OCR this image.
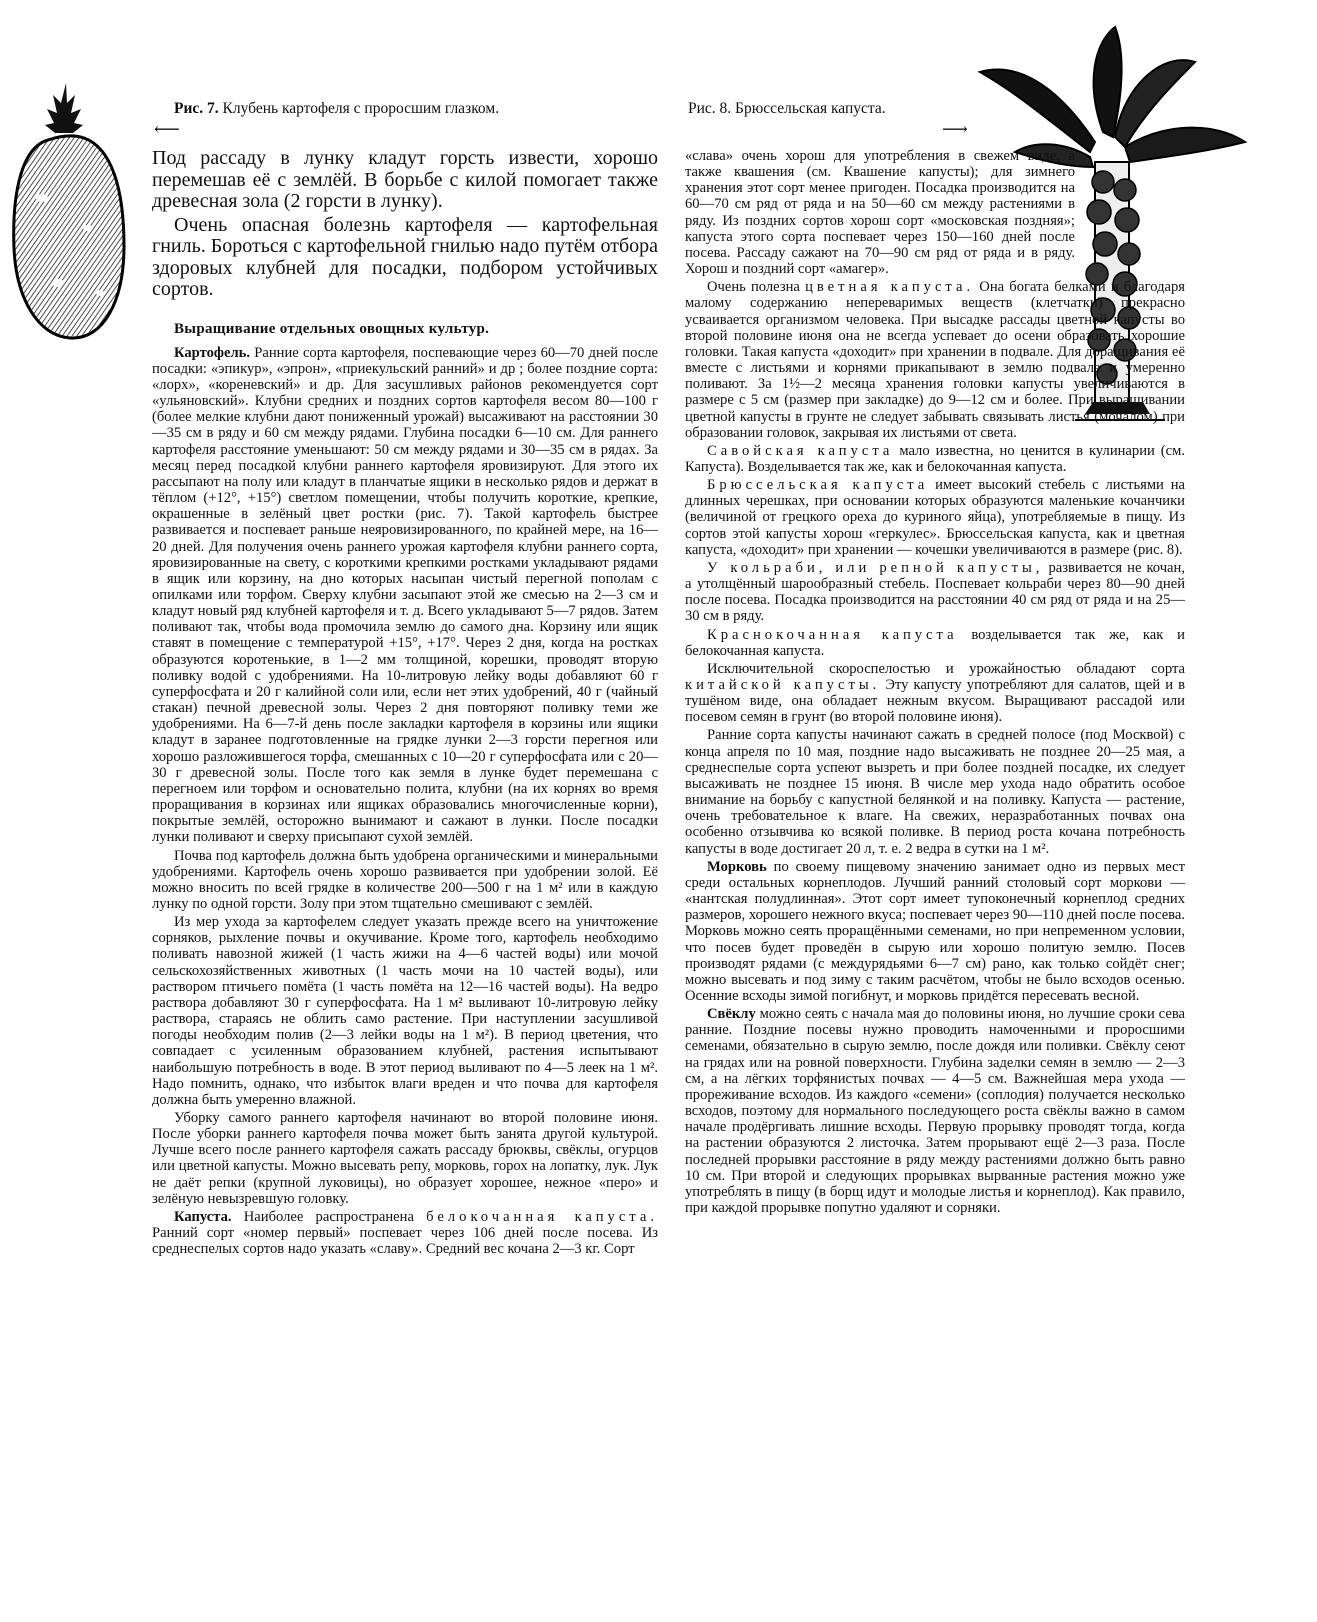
Рис. 7. Клубень картофеля с проросшим глазком.
⟵
Рис. 8. Брюссельская капуста.
⟶

Под рассаду в лунку кладут горсть извести, хорошо перемешав её с землёй. В борьбе с килой помогает также древесная зола (2 горсти в лунку).

Очень опасная болезнь картофеля — картофельная гниль. Бороться с картофельной гнилью надо путём отбора здоровых клубней для посадки, подбором устойчивых сортов.

Выращивание отдельных овощных культур.

Картофель. Ранние сорта картофеля, поспевающие через 60—70 дней после посадки: «эпикур», «эпрон», «приекульский ранний» и др ; более поздние сорта: «лорх», «кореневский» и др. Для засушливых районов рекомендуется сорт «ульяновский». Клубни средних и поздних сортов картофеля весом 80—100 г (более мелкие клубни дают пониженный урожай) высаживают на расстоянии 30—35 см в ряду и 60 см между рядами. Глубина посадки 6—10 см. Для раннего картофеля расстояние уменьшают: 50 см между рядами и 30—35 см в рядах. За месяц перед посадкой клубни раннего картофеля яровизируют. Для этого их рассыпают на полу или кладут в планчатые ящики в несколько рядов и держат в тёплом (+12°, +15°) светлом помещении, чтобы получить короткие, крепкие, окрашенные в зелёный цвет ростки (рис. 7). Такой картофель быстрее развивается и поспевает раньше неяровизированного, по крайней мере, на 16—20 дней. Для получения очень раннего урожая картофеля клубни раннего сорта, яровизированные на свету, с короткими крепкими ростками укладывают рядами в ящик или корзину, на дно которых насыпан чистый перегной пополам с опилками или торфом. Сверху клубни засыпают этой же смесью на 2—3 см и кладут новый ряд клубней картофеля и т. д. Всего укладывают 5—7 рядов. Затем поливают так, чтобы вода промочила землю до самого дна. Корзину или ящик ставят в помещение с температурой +15°, +17°. Через 2 дня, когда на ростках образуются коротенькие, в 1—2 мм толщиной, корешки, проводят вторую поливку водой с удобрениями. На 10-литровую лейку воды добавляют 60 г суперфосфата и 20 г калийной соли или, если нет этих удобрений, 40 г (чайный стакан) печной древесной золы. Через 2 дня повторяют поливку теми же удобрениями. На 6—7-й день после закладки картофеля в корзины или ящики кладут в заранее подготовленные на грядке лунки 2—3 горсти перегноя или хорошо разложившегося торфа, смешанных с 10—20 г суперфосфата или с 20—30 г древесной золы. После того как земля в лунке будет перемешана с перегноем или торфом и основательно полита, клубни (на их корнях во время проращивания в корзинах или ящиках образовались многочисленные корни), покрытые землёй, осторожно вынимают и сажают в лунки. После посадки лунки поливают и сверху присыпают сухой землёй.

Почва под картофель должна быть удобрена органическими и минеральными удобрениями. Картофель очень хорошо развивается при удобрении золой. Её можно вносить по всей грядке в количестве 200—500 г на 1 м² или в каждую лунку по одной горсти. Золу при этом тщательно смешивают с землёй.

Из мер ухода за картофелем следует указать прежде всего на уничтожение сорняков, рыхление почвы и окучивание. Кроме того, картофель необходимо поливать навозной жижей (1 часть жижи на 4—6 частей воды) или мочой сельскохозяйственных животных (1 часть мочи на 10 частей воды), или раствором птичьего помёта (1 часть помёта на 12—16 частей воды). На ведро раствора добавляют 30 г суперфосфата. На 1 м² выливают 10-литровую лейку раствора, стараясь не облить само растение. При наступлении засушливой погоды необходим полив (2—3 лейки воды на 1 м²). В период цветения, что совпадает с усиленным образованием клубней, растения испытывают наибольшую потребность в воде. В этот период выливают по 4—5 леек на 1 м². Надо помнить, однако, что избыток влаги вреден и что почва для картофеля должна быть умеренно влажной.

Уборку самого раннего картофеля начинают во второй половине июня. После уборки раннего картофеля почва может быть занята другой культурой. Лучше всего после раннего картофеля сажать рассаду брюквы, свёклы, огурцов или цветной капусты. Можно высевать репу, морковь, горох на лопатку, лук. Лук не даёт репки (крупной луковицы), но образует хорошее, нежное «перо» и зелёную невызревшую головку.

Капуста. Наиболее распространена белокочанная капуста. Ранний сорт «номер первый» поспевает через 106 дней после посева. Из среднеспелых сортов надо указать «славу». Средний вес кочана 2—3 кг. Сорт

«слава» очень хорош для употребления в свежем виде, а также квашения (см. Квашение капусты); для зимнего хранения этот сорт менее пригоден. Посадка производится на 60—70 см ряд от ряда и на 50—60 см между растениями в ряду. Из поздних сортов хорош сорт «московская поздняя»; капуста этого сорта поспевает через 150—160 дней после посева. Рассаду сажают на 70—90 см ряд от ряда и в ряду. Хорош и поздний сорт «амагер».

Очень полезна цветная капуста. Она богата белками и благодаря малому содержанию непереваримых веществ (клетчатки) прекрасно усваивается организмом человека. При высадке рассады цветной капусты во второй половине июня она не всегда успевает до осени образовать хорошие головки. Такая капуста «доходит» при хранении в подвале. Для доращивания её вместе с листьями и корнями прикапывают в землю подвала и умеренно поливают. За 1½—2 месяца хранения головки капусты увеличиваются в размере с 5 см (размер при закладке) до 9—12 см и более. При выращивании цветной капусты в грунте не следует забывать связывать листья (мочалом) при образовании головок, закрывая их листьями от света.

Савойская капуста мало известна, но ценится в кулинарии (см. Капуста). Возделывается так же, как и белокочанная капуста.

Брюссельская капуста имеет высокий стебель с листьями на длинных черешках, при основании которых образуются маленькие кочанчики (величиной от грецкого ореха до куриного яйца), употребляемые в пищу. Из сортов этой капусты хорош «геркулес». Брюссельская капуста, как и цветная капуста, «доходит» при хранении — кочешки увеличиваются в размере (рис. 8).

У кольраби, или репной капусты, развивается не кочан, а утолщённый шарообразный стебель. Поспевает кольраби через 80—90 дней после посева. Посадка производится на расстоянии 40 см ряд от ряда и на 25—30 см в ряду.

Краснокочанная капуста возделывается так же, как и белокочанная капуста.

Исключительной скороспелостью и урожайностью обладают сорта китайской капусты. Эту капусту употребляют для салатов, щей и в тушёном виде, она обладает нежным вкусом. Выращивают рассадой или посевом семян в грунт (во второй половине июня).

Ранние сорта капусты начинают сажать в средней полосе (под Москвой) с конца апреля по 10 мая, поздние надо высаживать не позднее 20—25 мая, а среднеспелые сорта успеют вызреть и при более поздней посадке, их следует высаживать не позднее 15 июня. В числе мер ухода надо обратить особое внимание на борьбу с капустной белянкой и на поливку. Капуста — растение, очень требовательное к влаге. На свежих, неразработанных почвах она особенно отзывчива ко всякой поливке. В период роста кочана потребность капусты в воде достигает 20 л, т. е. 2 ведра в сутки на 1 м².

Морковь по своему пищевому значению занимает одно из первых мест среди остальных корнеплодов. Лучший ранний столовый сорт моркови — «нантская полудлинная». Этот сорт имеет тупоконечный корнеплод средних размеров, хорошего нежного вкуса; поспевает через 90—110 дней после посева. Морковь можно сеять проращёнными семенами, но при непременном условии, что посев будет проведён в сырую или хорошо политую землю. Посев производят рядами (с междурядьями 6—7 см) рано, как только сойдёт снег; можно высевать и под зиму с таким расчётом, чтобы не было всходов осенью. Осенние всходы зимой погибнут, и морковь придётся пересевать весной.

Свёклу можно сеять с начала мая до половины июня, но лучшие сроки сева ранние. Поздние посевы нужно проводить намоченными и проросшими семенами, обязательно в сырую землю, после дождя или поливки. Свёклу сеют на грядах или на ровной поверхности. Глубина заделки семян в землю — 2—3 см, а на лёгких торфянистых почвах — 4—5 см. Важнейшая мера ухода — прореживание всходов. Из каждого «семени» (соплодия) получается несколько всходов, поэтому для нормального последующего роста свёклы важно в самом начале продёргивать лишние всходы. Первую прорывку проводят тогда, когда на растении образуются 2 листочка. Затем прорывают ещё 2—3 раза. После последней прорывки расстояние в ряду между растениями должно быть равно 10 см. При второй и следующих прорывках вырванные растения можно уже употреблять в пищу (в борщ идут и молодые листья и корнеплод). Как правило, при каждой прорывке попутно удаляют и сорняки.
